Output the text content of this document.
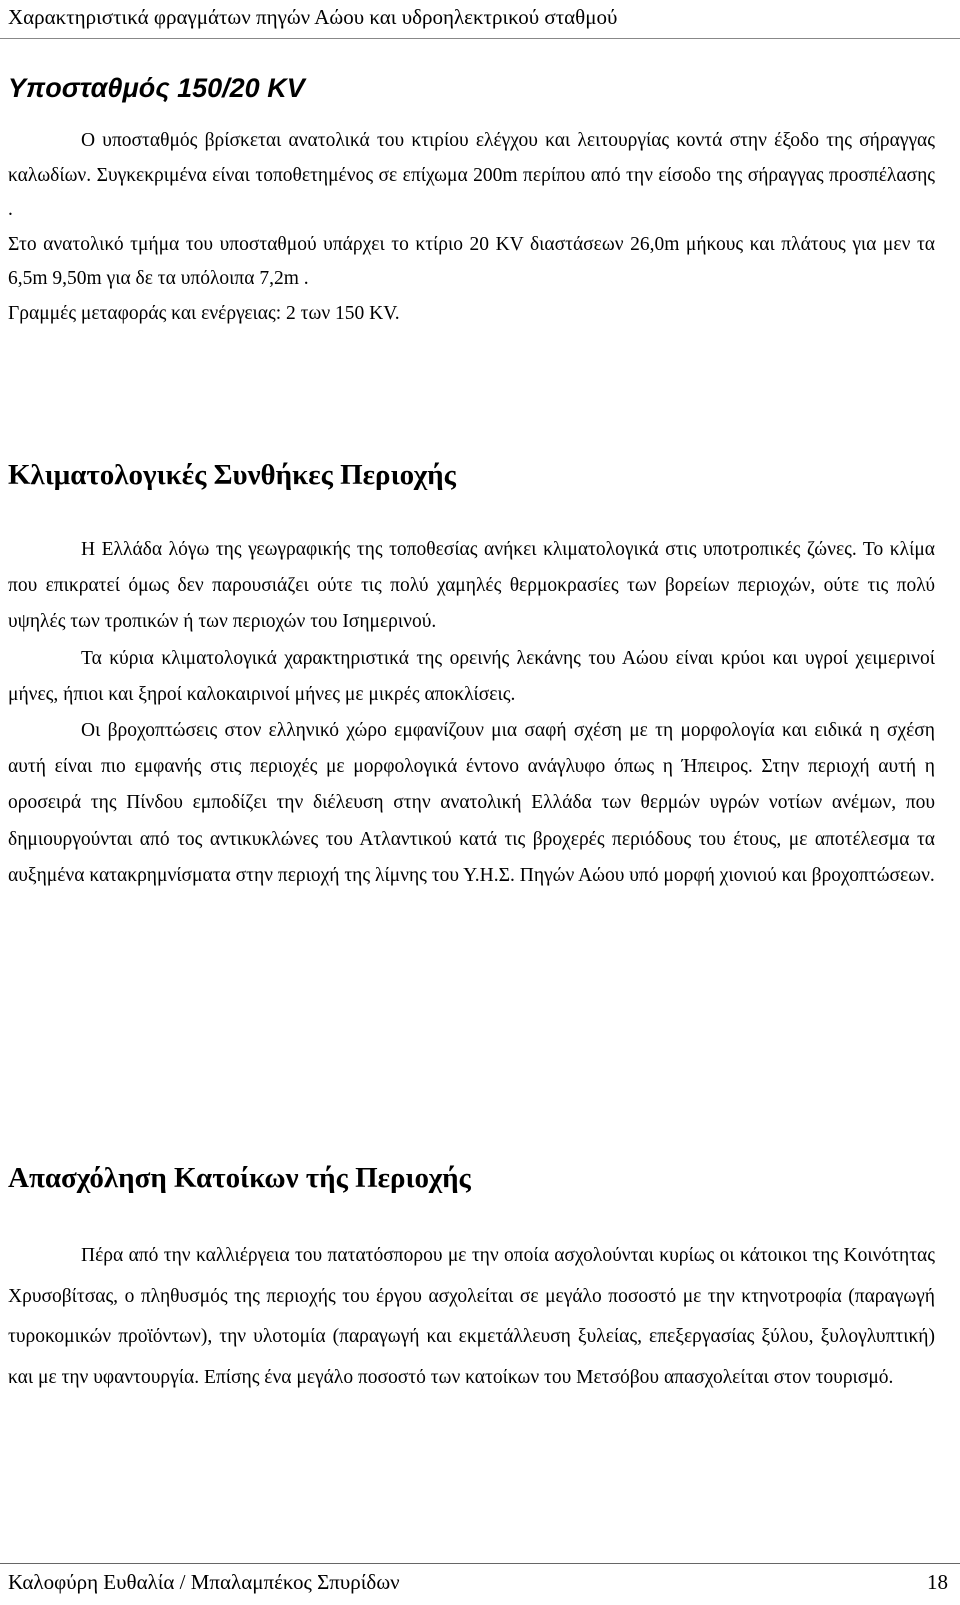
Χαρακτηριστικά φραγμάτων πηγών Αώου και υδροηλεκτρικού σταθμού
Υποσταθμός 150/20 KV

Ο υποσταθμός βρίσκεται ανατολικά του κτιρίου ελέγχου και λειτουργίας κοντά στην έξοδο της σήραγγας καλωδίων. Συγκεκριμένα είναι τοποθετημένος σε επίχωμα 200m περίπου από την είσοδο της σήραγγας προσπέλασης .

Στο ανατολικό τμήμα του υποσταθμού υπάρχει το κτίριο 20 KV διαστάσεων 26,0m μήκους και πλάτους για μεν τα 6,5m 9,50m για δε τα υπόλοιπα 7,2m .

Γραμμές μεταφοράς και ενέργειας: 2 των 150 KV.

Κλιματολογικές Συνθήκες Περιοχής

Η Ελλάδα λόγω της γεωγραφικής της τοποθεσίας ανήκει κλιματολογικά στις υποτροπικές ζώνες. Το κλίμα που επικρατεί όμως δεν παρουσιάζει ούτε τις πολύ χαμηλές θερμοκρασίες των βορείων περιοχών, ούτε τις πολύ υψηλές των τροπικών ή των περιοχών του Ισημερινού.

Τα κύρια κλιματολογικά χαρακτηριστικά της ορεινής λεκάνης του Αώου είναι κρύοι και υγροί χειμερινοί μήνες, ήπιοι και ξηροί καλοκαιρινοί μήνες με μικρές αποκλίσεις.

Οι βροχοπτώσεις στον ελληνικό χώρο εμφανίζουν μια σαφή σχέση με τη μορφολογία και ειδικά η σχέση αυτή είναι πιο εμφανής στις περιοχές με μορφολογικά έντονο ανάγλυφο όπως η Ήπειρος. Στην περιοχή αυτή η οροσειρά της Πίνδου εμποδίζει την διέλευση στην ανατολική Ελλάδα των θερμών υγρών νοτίων ανέμων, που δημιουργούνται από τος αντικυκλώνες του Ατλαντικού κατά τις βροχερές περιόδους του έτους, με αποτέλεσμα τα αυξημένα κατακρημνίσματα στην περιοχή της λίμνης του Υ.Η.Σ. Πηγών Αώου υπό μορφή χιονιού και βροχοπτώσεων.

Απασχόληση Κατοίκων τής Περιοχής

Πέρα από την καλλιέργεια του πατατόσπορου με την οποία ασχολούνται κυρίως οι κάτοικοι της Κοινότητας Χρυσοβίτσας, ο πληθυσμός της περιοχής του έργου ασχολείται σε μεγάλο ποσοστό με την κτηνοτροφία (παραγωγή τυροκομικών προϊόντων), την υλοτομία (παραγωγή και εκμετάλλευση ξυλείας, επεξεργασίας ξύλου, ξυλογλυπτική) και με την υφαντουργία. Επίσης ένα μεγάλο ποσοστό των κατοίκων του Μετσόβου απασχολείται στον τουρισμό.

Καλοφύρη Ευθαλία / Μπαλαμπέκος Σπυρίδων	18
